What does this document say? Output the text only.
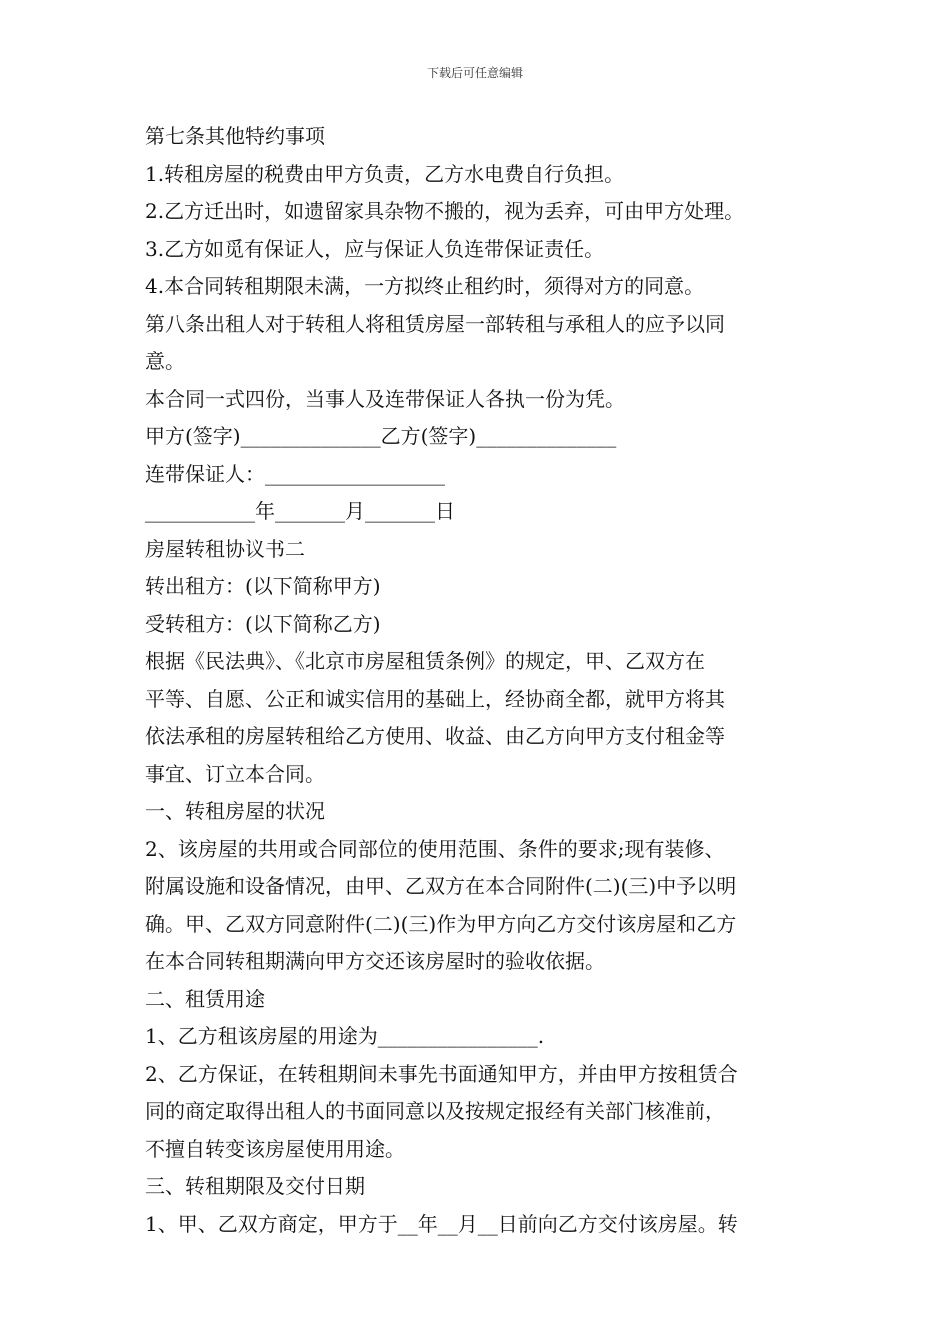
下载后可任意编辑
第七条其他特约事项
1.转租房屋的税费由甲方负责，乙方水电费自行负担。
2.乙方迁出时，如遗留家具杂物不搬的，视为丢弃，可由甲方处理。
3.乙方如觅有保证人，应与保证人负连带保证责任。
4.本合同转租期限未满，一方拟终止租约时，须得对方的同意。
第八条出租人对于转租人将租赁房屋一部转租与承租人的应予以同
意。
本合同一式四份，当事人及连带保证人各执一份为凭。
甲方(签字)______________乙方(签字)______________
连带保证人：__________________
___________年_______月_______日
房屋转租协议书二
转出租方：(以下简称甲方)
受转租方：(以下简称乙方)
根据《民法典》、《北京市房屋租赁条例》的规定，甲、乙双方在
平等、自愿、公正和诚实信用的基础上，经协商全都，就甲方将其
依法承租的房屋转租给乙方使用、收益、由乙方向甲方支付租金等
事宜、订立本合同。
一、转租房屋的状况
2、该房屋的共用或合同部位的使用范围、条件的要求;现有装修、
附属设施和设备情况，由甲、乙双方在本合同附件(二)(三)中予以明
确。甲、乙双方同意附件(二)(三)作为甲方向乙方交付该房屋和乙方
在本合同转租期满向甲方交还该房屋时的验收依据。
二、租赁用途
1、乙方租该房屋的用途为________________.
2、乙方保证，在转租期间未事先书面通知甲方，并由甲方按租赁合
同的商定取得出租人的书面同意以及按规定报经有关部门核准前，
不擅自转变该房屋使用用途。
三、转租期限及交付日期
1、甲、乙双方商定，甲方于__年__月__日前向乙方交付该房屋。转
